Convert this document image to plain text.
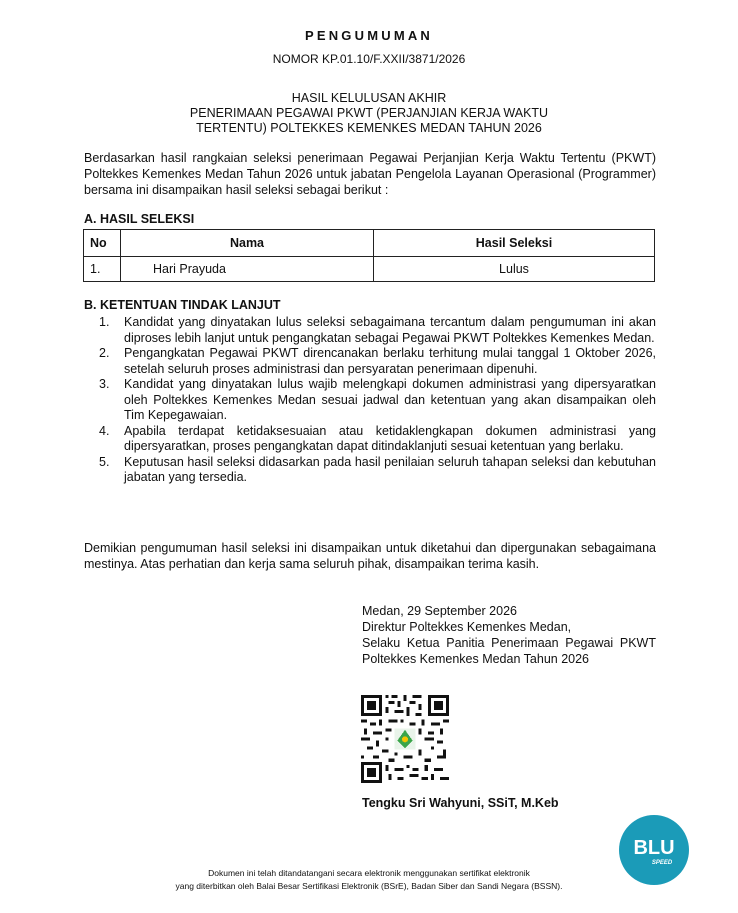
PENGUMUMAN
NOMOR KP.01.10/F.XXII/3871/2026
HASIL KELULUSAN AKHIR
PENERIMAAN PEGAWAI PKWT (PERJANJIAN KERJA WAKTU
TERTENTU) POLTEKKES KEMENKES MEDAN TAHUN 2026
Berdasarkan hasil rangkaian seleksi penerimaan Pegawai Perjanjian Kerja Waktu Tertentu (PKWT) Poltekkes Kemenkes Medan Tahun 2026 untuk jabatan Pengelola Layanan Operasional (Programmer) bersama ini disampaikan hasil seleksi sebagai berikut :
A. HASIL SELEKSI
No	Nama	Hasil Seleksi
1.	Hari Prayuda	Lulus
B. KETENTUAN TINDAK LANJUT
1. Kandidat yang dinyatakan lulus seleksi sebagaimana tercantum dalam pengumuman ini akan diproses lebih lanjut untuk pengangkatan sebagai Pegawai PKWT Poltekkes Kemenkes Medan.
2. Pengangkatan Pegawai PKWT direncanakan berlaku terhitung mulai tanggal 1 Oktober 2026, setelah seluruh proses administrasi dan persyaratan penerimaan dipenuhi.
3. Kandidat yang dinyatakan lulus wajib melengkapi dokumen administrasi yang dipersyaratkan oleh Poltekkes Kemenkes Medan sesuai jadwal dan ketentuan yang akan disampaikan oleh Tim Kepegawaian.
4. Apabila terdapat ketidaksesuaian atau ketidaklengkapan dokumen administrasi yang dipersyaratkan, proses pengangkatan dapat ditindaklanjuti sesuai ketentuan yang berlaku.
5. Keputusan hasil seleksi didasarkan pada hasil penilaian seluruh tahapan seleksi dan kebutuhan jabatan yang tersedia.
Demikian pengumuman hasil seleksi ini disampaikan untuk diketahui dan dipergunakan sebagaimana mestinya. Atas perhatian dan kerja sama seluruh pihak, disampaikan terima kasih.
Medan, 29 September 2026
Direktur Poltekkes Kemenkes Medan,
Selaku Ketua Panitia Penerimaan Pegawai PKWT Poltekkes Kemenkes Medan Tahun 2026
Tengku Sri Wahyuni, SSiT, M.Keb
BLU
SPEED
Dokumen ini telah ditandatangani secara elektronik menggunakan sertifikat elektronik
yang diterbitkan oleh Balai Besar Sertifikasi Elektronik (BSrE), Badan Siber dan Sandi Negara (BSSN).
